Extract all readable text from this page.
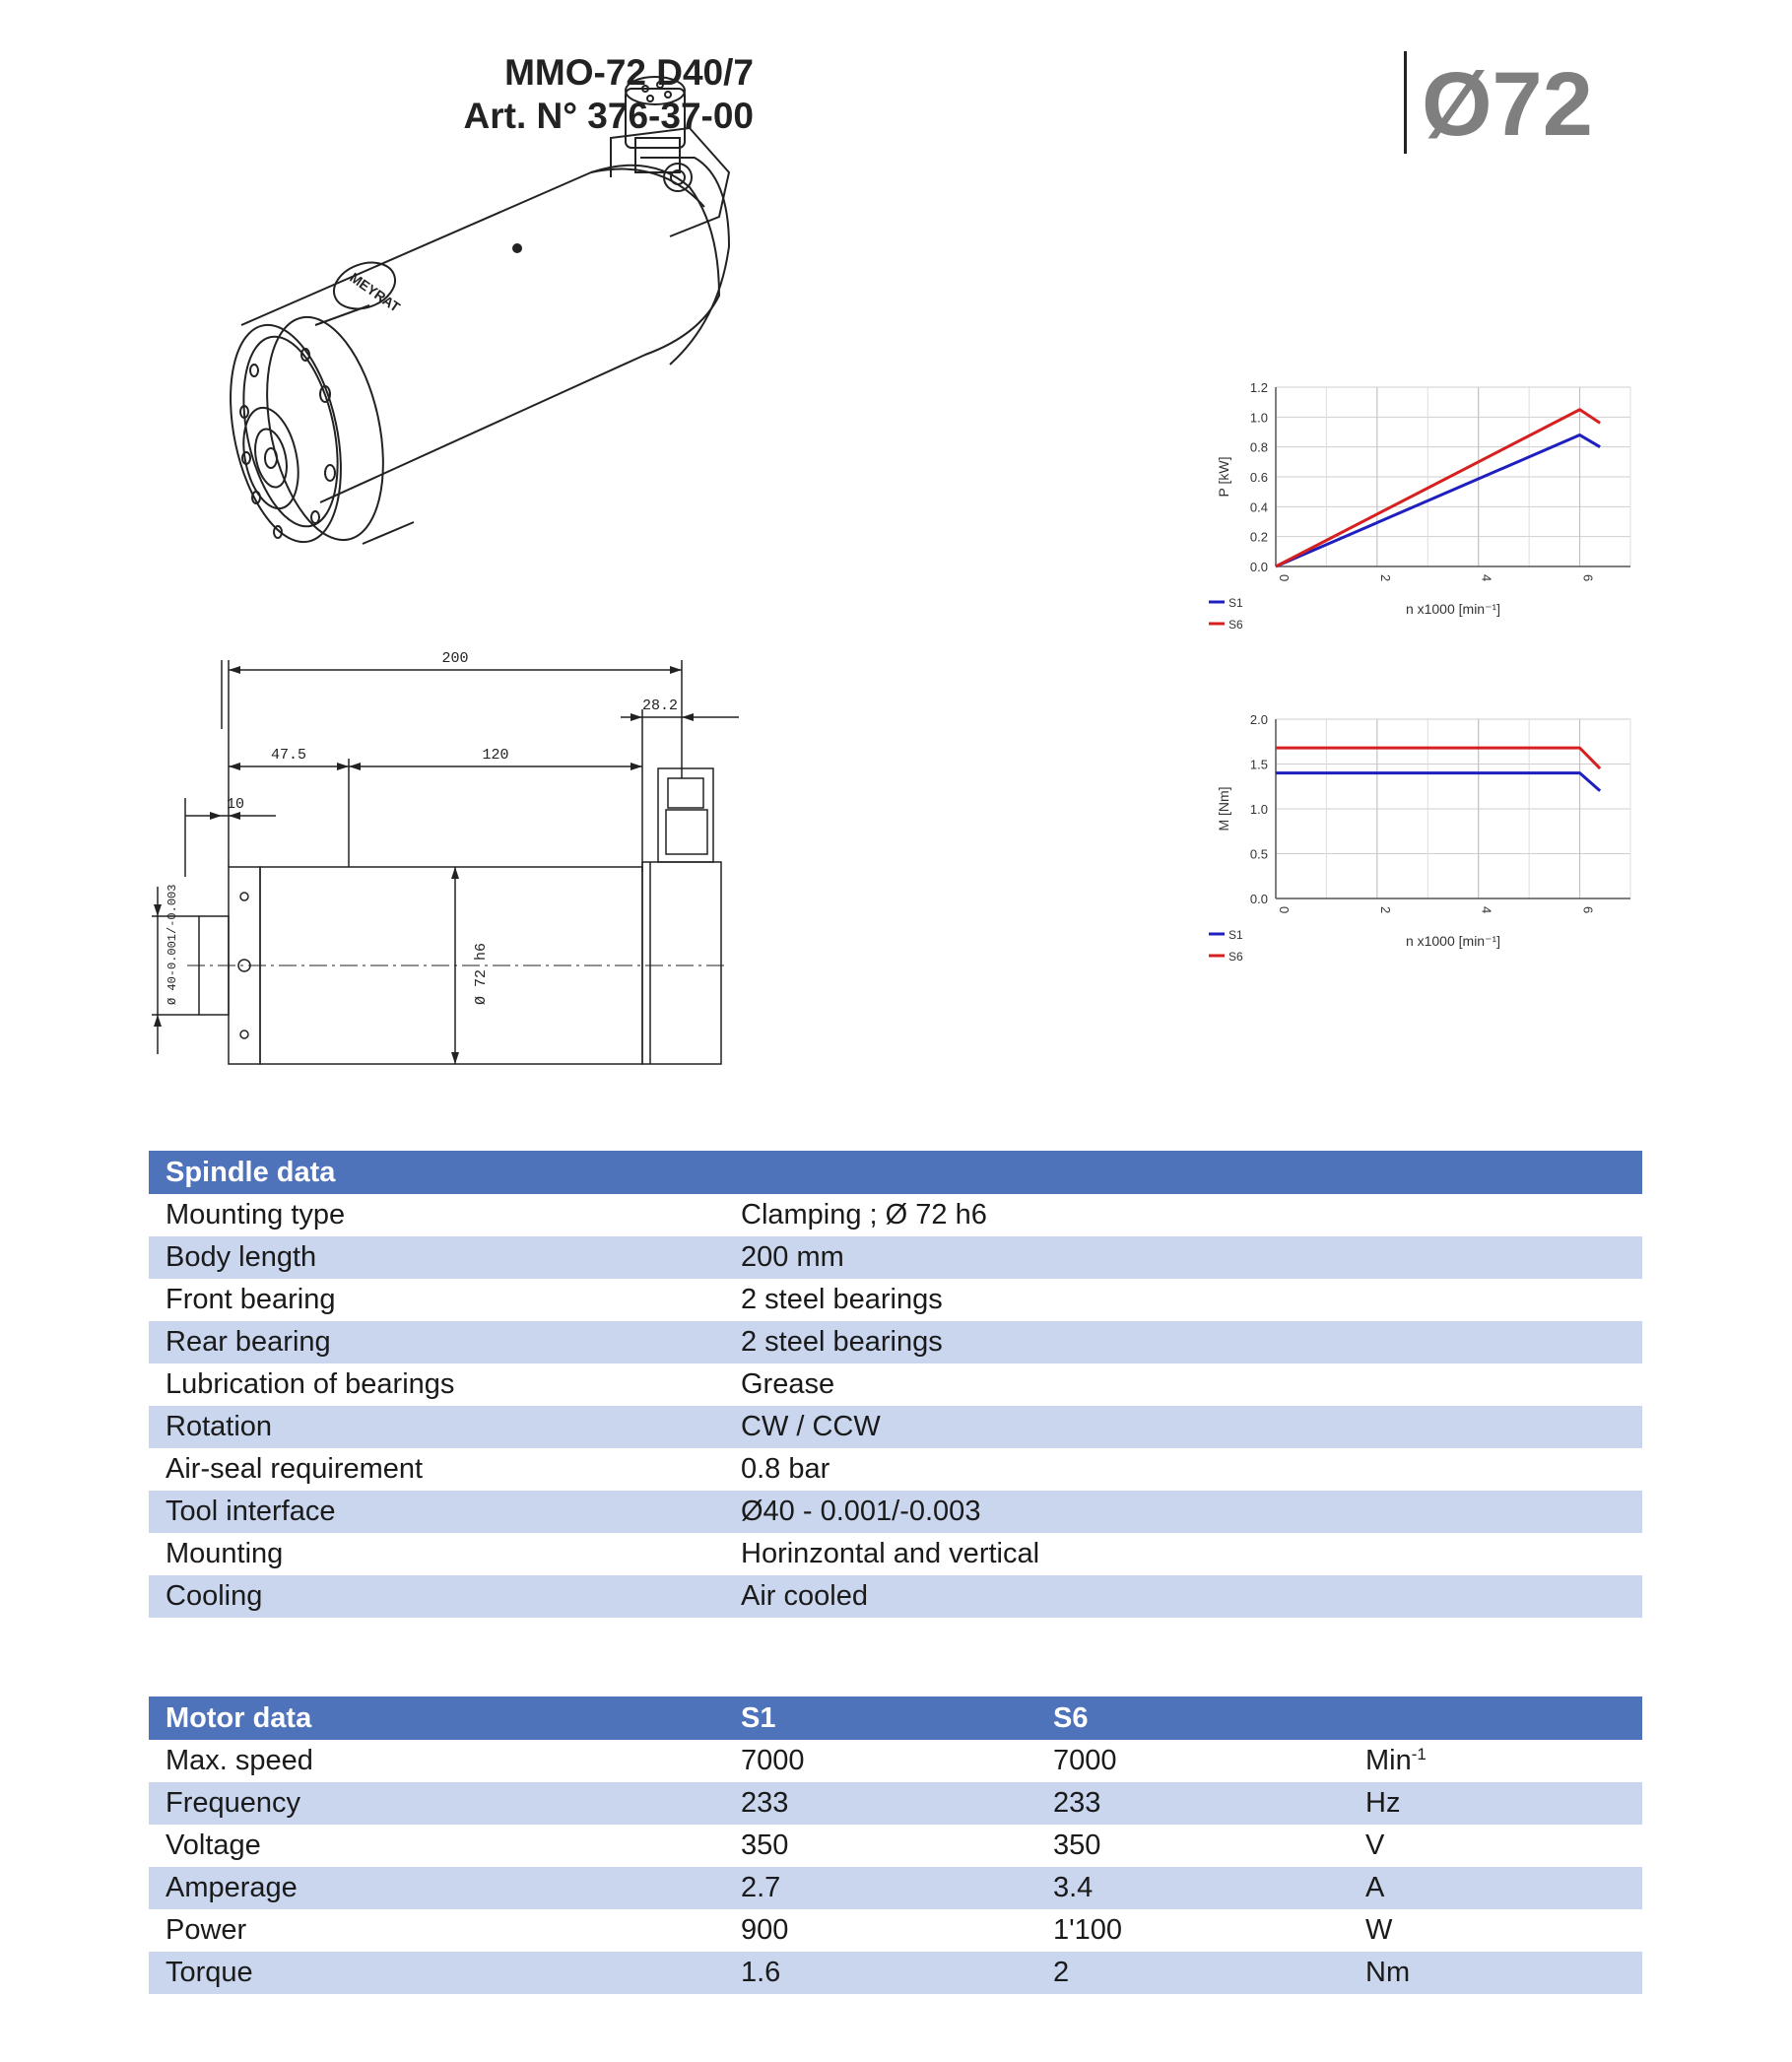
MMO-72 D40/7
Art. N° 376-37-00	Ø72
MEYRAT
200
28.2
47.5	120
10
Ø 72 h6
Ø 40-0.001/-0.003
0.0
0.2
0.4
0.6
0.8
1.0
1.2
0	2	4	6
S1
S6
P [kW]
n x1000 [min⁻¹]
0.0
0.5
1.0
1.5
2.0
0	2	4	6
S1
S6
M [Nm]
n x1000 [min⁻¹]
Spindle data	
Mounting type	Clamping ; Ø 72 h6
Body length	200 mm
Front bearing	2 steel bearings
Rear bearing	2 steel bearings
Lubrication of bearings	Grease
Rotation	CW / CCW
Air-seal requirement	0.8 bar
Tool interface	Ø40 - 0.001/-0.003
Mounting	Horinzontal and vertical
Cooling	Air cooled
Motor data	S1	S6	
Max. speed	7000	7000	Min$^{-1}$
Frequency	233	233	Hz
Voltage	350	350	V
Amperage	2.7	3.4	A
Power	900	1'100	W
Torque	1.6	2	Nm
